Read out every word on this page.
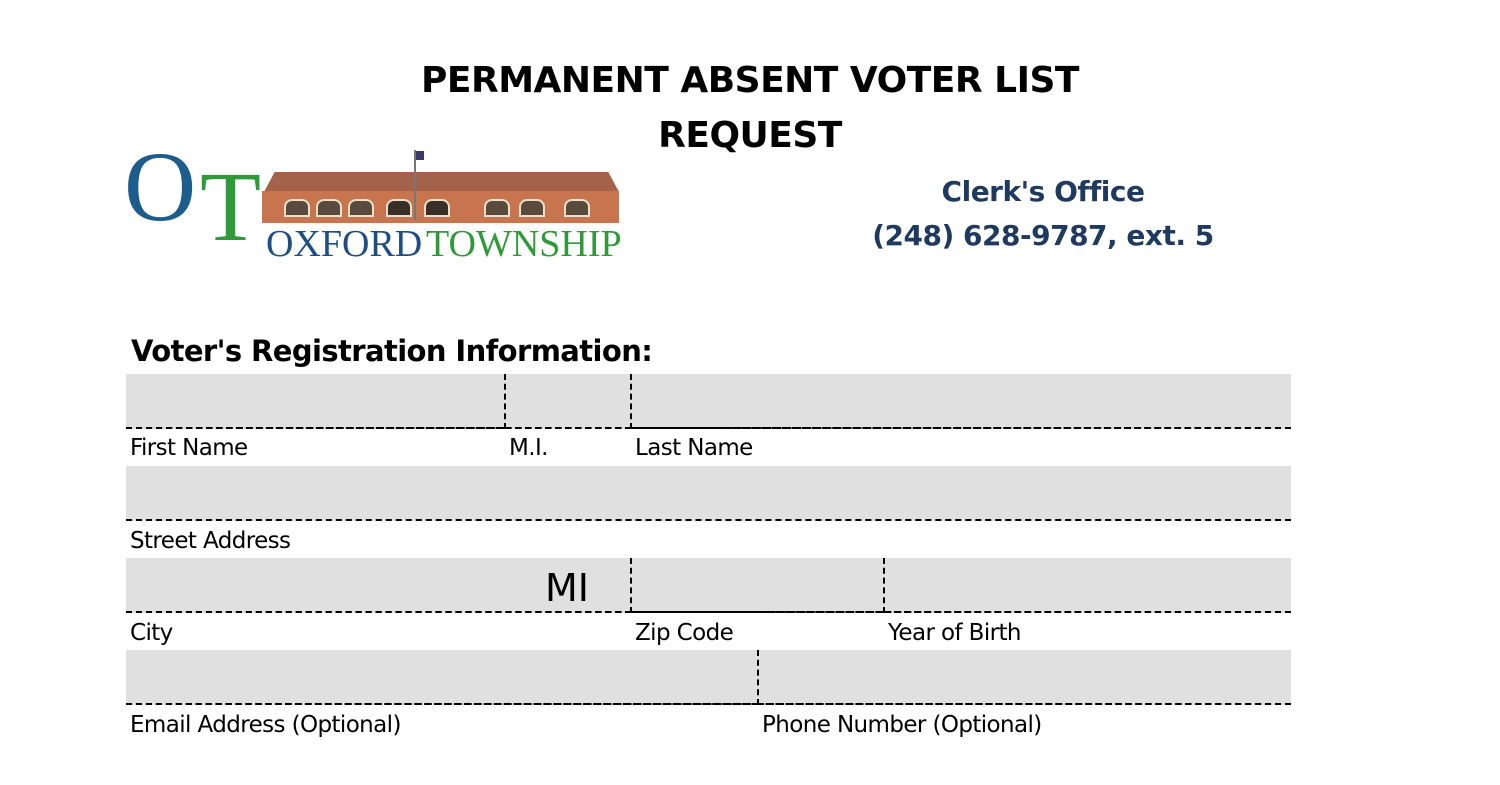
PERMANENT ABSENT VOTER LIST
REQUEST
O T OXFORD TOWNSHIP
Clerk's Office
(248) 628-9787, ext. 5
Voter's Registration Information:
First Name	M.I.	Last Name
Street Address
MI
City	Zip Code	Year of Birth
Email Address (Optional)	Phone Number (Optional)
